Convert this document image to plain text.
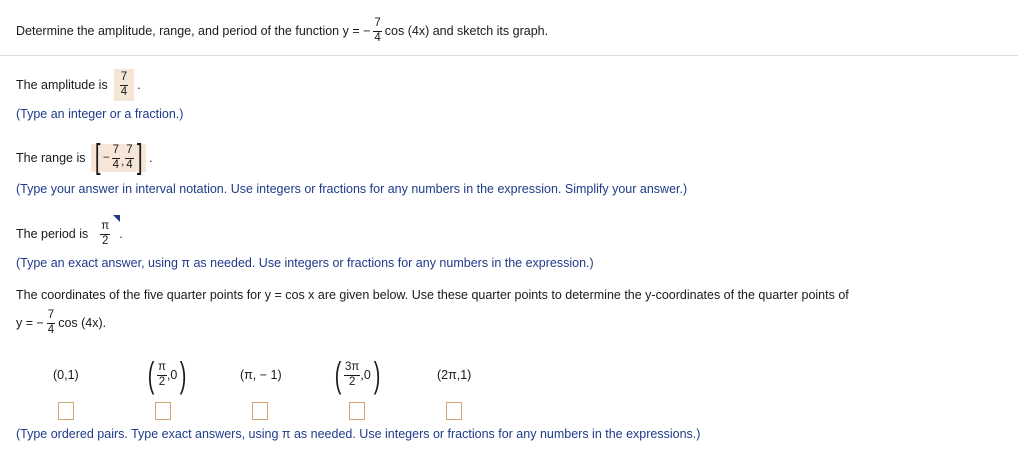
Determine the amplitude, range, and period of the function y = − $\frac{7}{4}$ cos (4x) and sketch its graph.
The amplitude is $\frac{7}{4}$ .
(Type an integer or a fraction.)
The range is [ − $\frac{7}{4}$ , $\frac{7}{4}$ ] .
(Type your answer in interval notation. Use integers or fractions for any numbers in the expression. Simplify your answer.)
The period is $\frac{\pi}{2}$ .
(Type an exact answer, using π as needed. Use integers or fractions for any numbers in the expression.)
The coordinates of the five quarter points for y = cos x are given below. Use these quarter points to determine the y-coordinates of the quarter points of
y = − $\frac{7}{4}$ cos (4x).
(0,1) ( $\frac{\pi}{2} ,0$ )	(π, − 1) ( $\frac{3\pi}{2} ,0$ )	(2π,1)
(Type ordered pairs. Type exact answers, using π as needed. Use integers or fractions for any numbers in the expressions.)
